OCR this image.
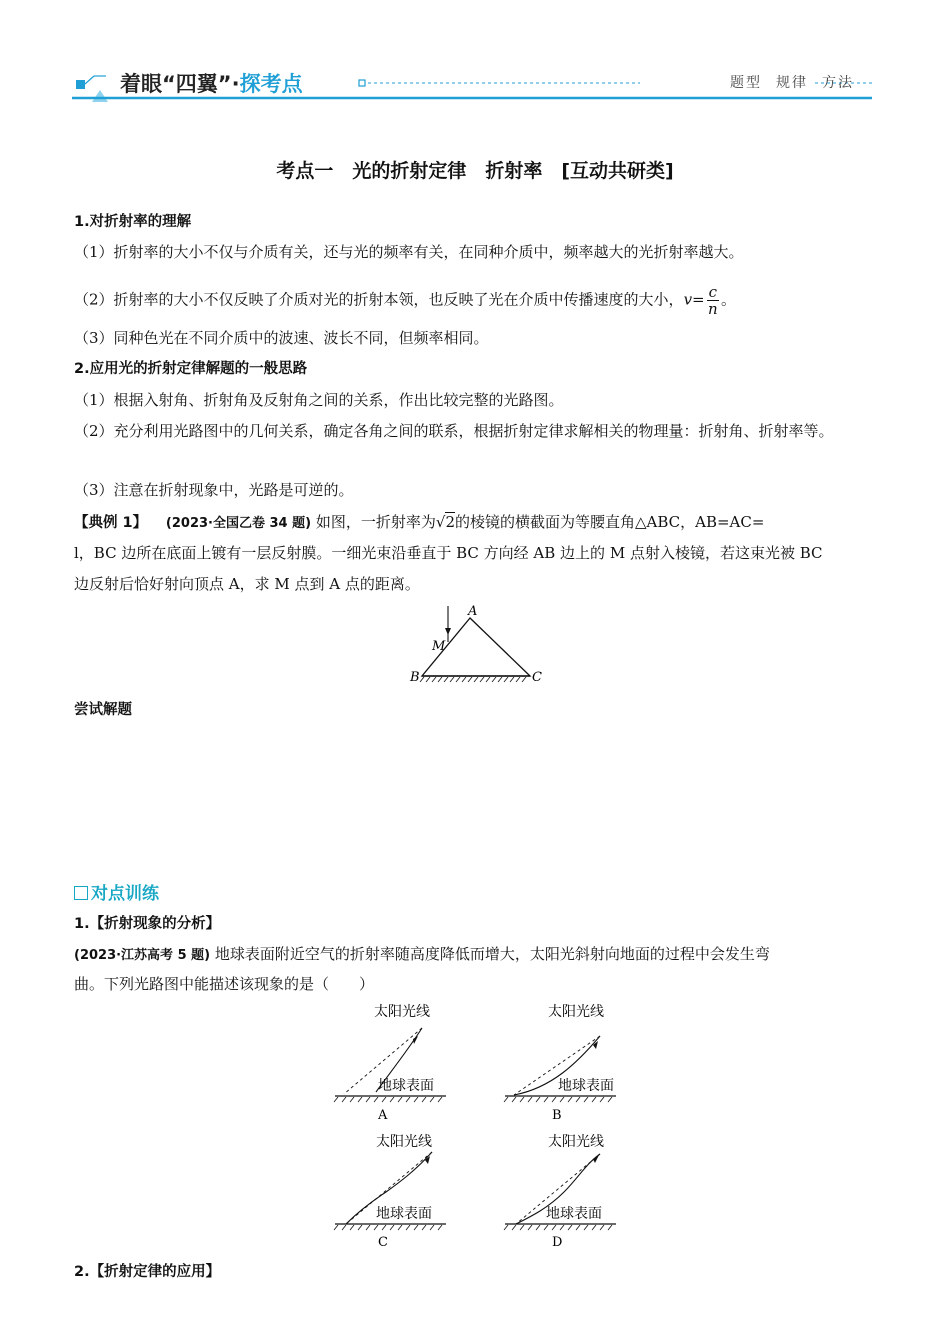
着眼“四翼”·探考点	题型 规律 方法
考点一　光的折射定律　折射率　[互动共研类]
1.对折射率的理解
（1）折射率的大小不仅与介质有关，还与光的频率有关，在同种介质中，频率越大的光折射率越大。
（2）折射率的大小不仅反映了介质对光的折射本领，也反映了光在介质中传播速度的大小，$v= \frac{c}{n}$ 。
（3）同种色光在不同介质中的波速、波长不同，但频率相同。
2.应用光的折射定律解题的一般思路
（1）根据入射角、折射角及反射角之间的关系，作出比较完整的光路图。
（2）充分利用光路图中的几何关系，确定各角之间的联系，根据折射定律求解相关的物理量：折射角、折射率等。
（3）注意在折射现象中，光路是可逆的。
【典例 1】 (2023·全国乙卷 34 题) 如图，一折射率为√2的棱镜的横截面为等腰直角△ABC，AB=AC=
l，BC 边所在底面上镀有一层反射膜。一细光束沿垂直于 BC 方向经 AB 边上的 M 点射入棱镜，若这束光被 BC
边反射后恰好射向顶点 A，求 M 点到 A 点的距离。
A
M
B	C
尝试解题
对点训练
1.【折射现象的分析】
(2023·江苏高考 5 题) 地球表面附近空气的折射率随高度降低而增大，太阳光斜射向地面的过程中会发生弯
曲。下列光路图中能描述该现象的是（　　）
太阳光线
地球表面
A
太阳光线
地球表面
B
太阳光线
地球表面
C
太阳光线
地球表面
D
2.【折射定律的应用】
